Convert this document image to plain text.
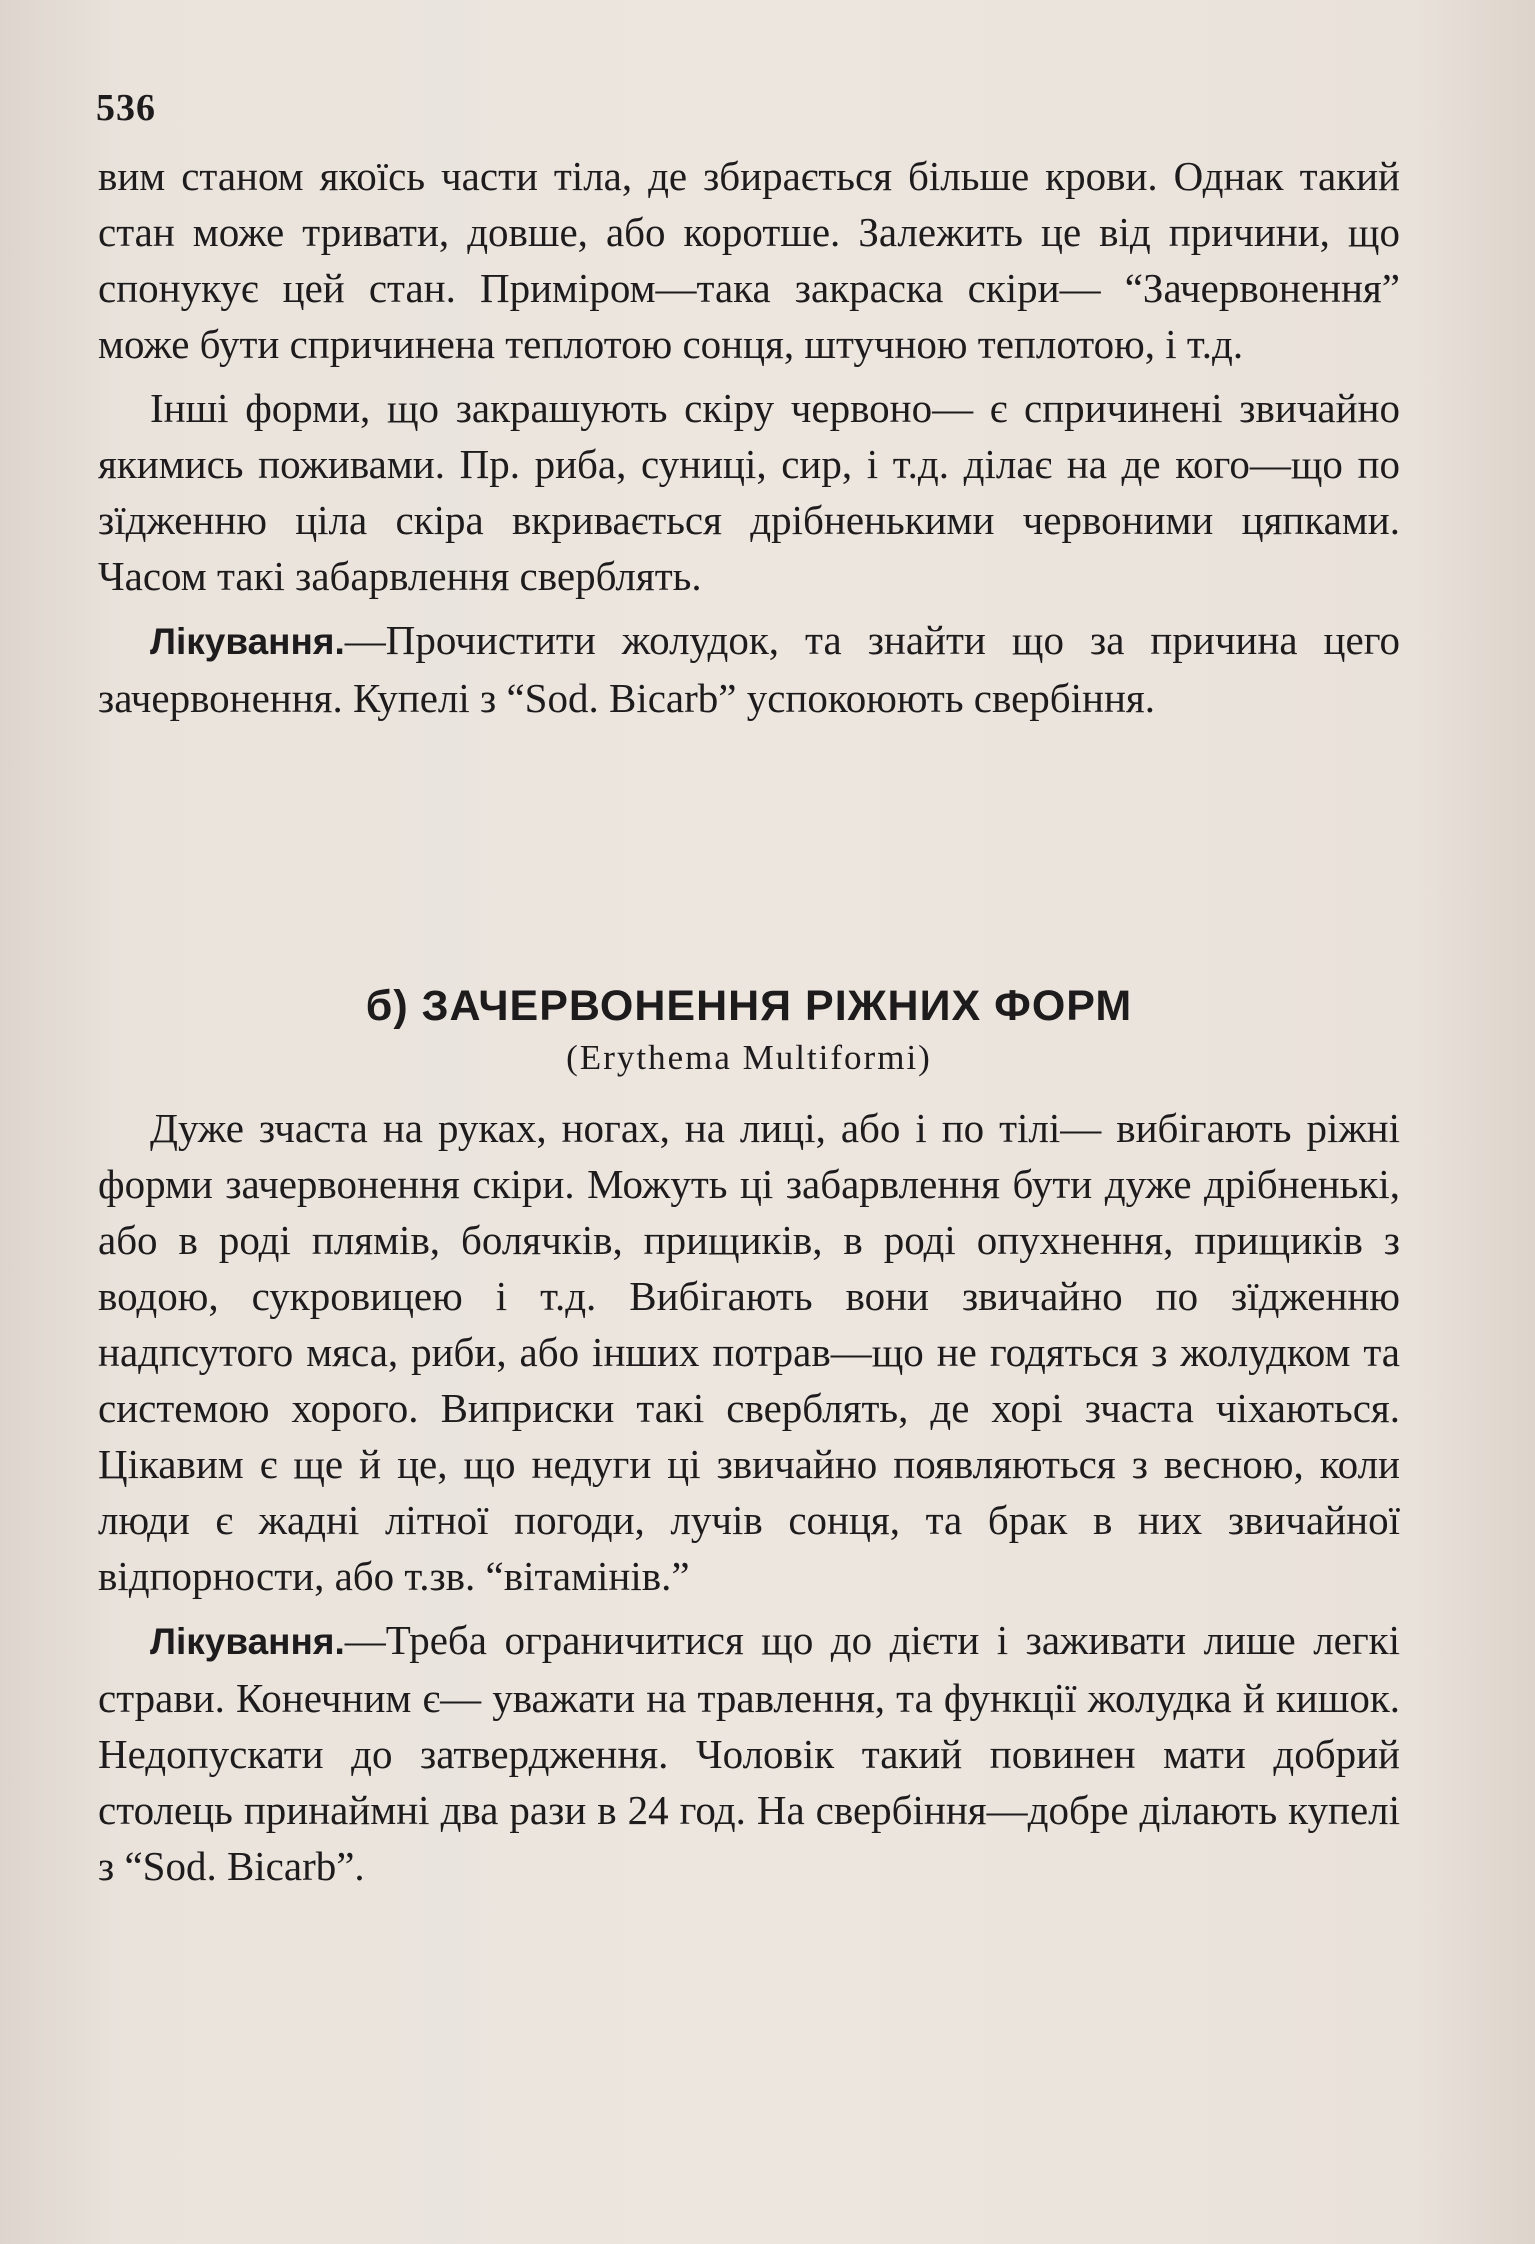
536

вим станом якоїсь части тіла, де збирається більше крови. Однак такий стан може тривати, довше, або коротше. Залежить це від причини, що спонукує цей стан. Приміром—така закраска скіри— “Зачервонення” може бути спричинена теплотою сонця, штучною теплотою, і т.д.

Інші форми, що закрашують скіру червоно— є спричинені звичайно якимись поживами. Пр. риба, суниці, сир, і т.д. ділає на де кого—що по зїдженню ціла скіра вкривається дрібненькими червоними цяпками. Часом такі забарвлення сверблять.

Лікування.—Прочистити жолудок, та знайти що за причина цего зачервонення. Купелі з “Sod. Bicarb” успокоюють свербіння.

б) ЗАЧЕРВОНЕННЯ РІЖНИХ ФОРМ
(Erythema Multiformi)

Дуже зчаста на руках, ногах, на лиці, або і по тілі— вибігають ріжні форми зачервонення скіри. Можуть ці забарвлення бути дуже дрібненькі, або в роді плямів, болячків, прищиків, в роді опухнення, прищиків з водою, сукровицею і т.д. Вибігають вони звичайно по зїдженню надпсутого мяса, риби, або інших потрав—що не годяться з жолудком та системою хорого. Виприски такі сверблять, де хорі зчаста чіхаються. Цікавим є ще й це, що недуги ці звичайно появляються з весною, коли люди є жадні літної погоди, лучів сонця, та брак в них звичайної відпорности, або т.зв. “вітамінів.”

Лікування.—Треба ограничитися що до дієти і заживати лише легкі страви. Конечним є— уважати на травлення, та функції жолудка й кишок. Недопускати до затвердження. Чоловік такий повинен мати добрий столець принаймні два рази в 24 год. На свербіння—добре ділають купелі з “Sod. Bicarb”.
